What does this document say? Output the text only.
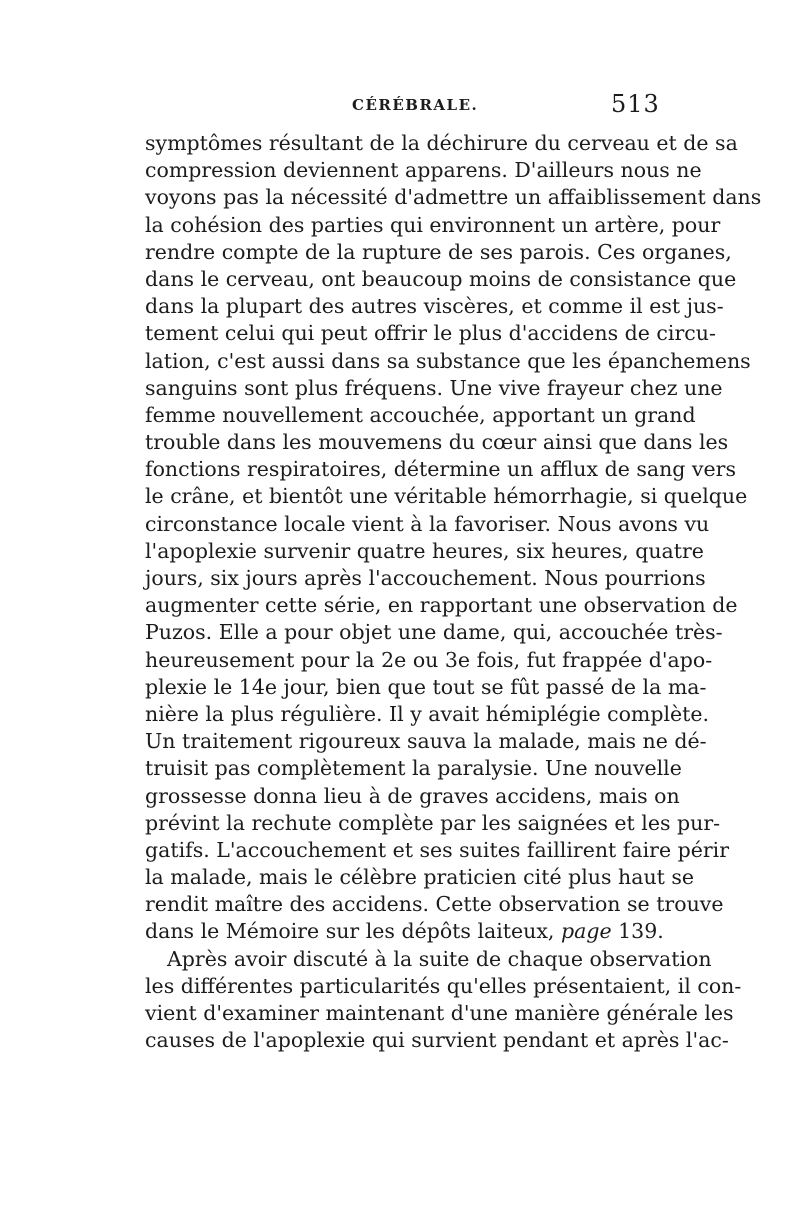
CÉRÉBRALE.	513
symptômes résultant de la déchirure du cerveau et de sa
compression deviennent apparens. D'ailleurs nous ne
voyons pas la nécessité d'admettre un affaiblissement dans
la cohésion des parties qui environnent un artère, pour
rendre compte de la rupture de ses parois. Ces organes,
dans le cerveau, ont beaucoup moins de consistance que
dans la plupart des autres viscères, et comme il est jus-
tement celui qui peut offrir le plus d'accidens de circu-
lation, c'est aussi dans sa substance que les épanchemens
sanguins sont plus fréquens. Une vive frayeur chez une
femme nouvellement accouchée, apportant un grand
trouble dans les mouvemens du cœur ainsi que dans les
fonctions respiratoires, détermine un afflux de sang vers
le crâne, et bientôt une véritable hémorrhagie, si quelque
circonstance locale vient à la favoriser. Nous avons vu
l'apoplexie survenir quatre heures, six heures, quatre
jours, six jours après l'accouchement. Nous pourrions
augmenter cette série, en rapportant une observation de
Puzos. Elle a pour objet une dame, qui, accouchée très-
heureusement pour la 2e ou 3e fois, fut frappée d'apo-
plexie le 14e jour, bien que tout se fût passé de la ma-
nière la plus régulière. Il y avait hémiplégie complète.
Un traitement rigoureux sauva la malade, mais ne dé-
truisit pas complètement la paralysie. Une nouvelle
grossesse donna lieu à de graves accidens, mais on
prévint la rechute complète par les saignées et les pur-
gatifs. L'accouchement et ses suites faillirent faire périr
la malade, mais le célèbre praticien cité plus haut se
rendit maître des accidens. Cette observation se trouve
dans le Mémoire sur les dépôts laiteux, page 139.
Après avoir discuté à la suite de chaque observation
les différentes particularités qu'elles présentaient, il con-
vient d'examiner maintenant d'une manière générale les
causes de l'apoplexie qui survient pendant et après l'ac-
